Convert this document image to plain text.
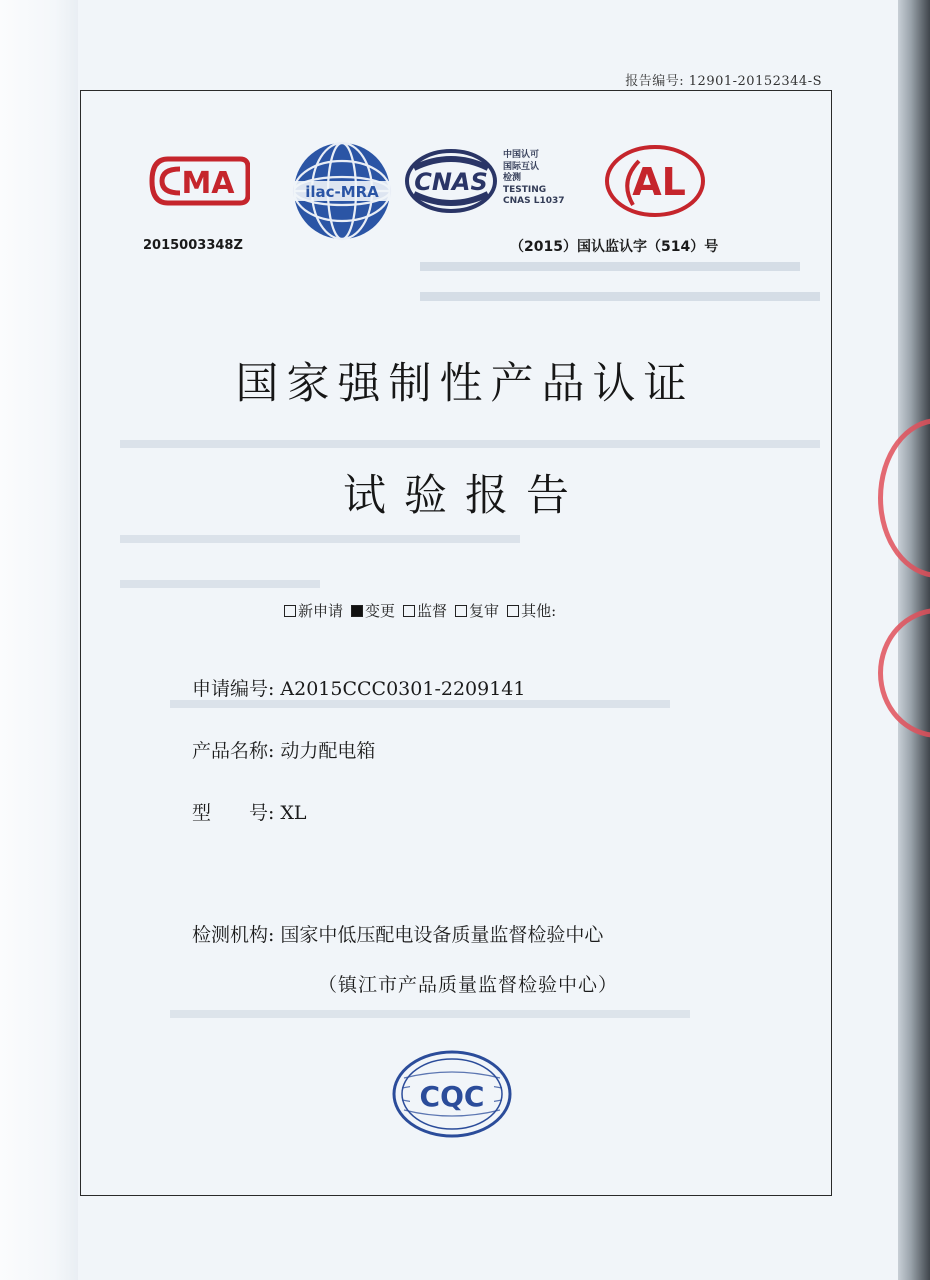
报告编号: 12901-20152344-S
MA
2015003348Z
ilac-MRA CNAS
中国认可
国际互认
检测
TESTING
CNAS L1037 AL
（2015）国认监认字（514）号
国家强制性产品认证
试验报告
新申请 变更 监督 复审 其他:
申请编号: A2015CCC0301-2209141
产品名称: 动力配电箱
型　　号: XL
检测机构: 国家中低压配电设备质量监督检验中心
（镇江市产品质量监督检验中心）
CQC
